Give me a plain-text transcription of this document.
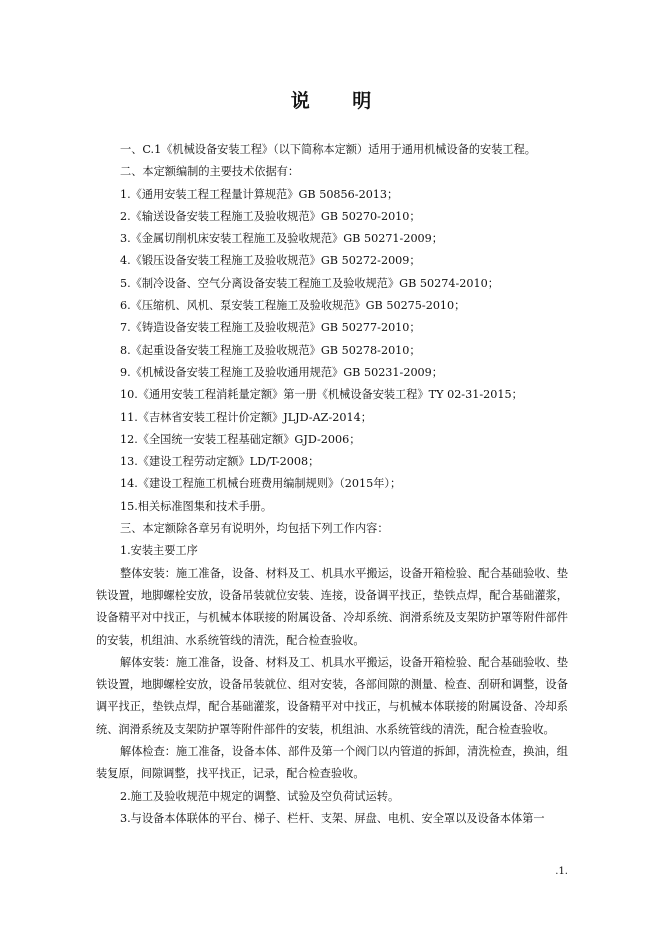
说 明

一、C.1《机械设备安装工程》（以下简称本定额）适用于通用机械设备的安装工程。

二、本定额编制的主要技术依据有：

1.《通用安装工程工程量计算规范》GB 50856-2013；

2.《输送设备安装工程施工及验收规范》GB 50270-2010；

3.《金属切削机床安装工程施工及验收规范》GB 50271-2009；

4.《锻压设备安装工程施工及验收规范》GB 50272-2009；

5.《制冷设备、空气分离设备安装工程施工及验收规范》GB 50274-2010；

6.《压缩机、风机、泵安装工程施工及验收规范》GB 50275-2010；

7.《铸造设备安装工程施工及验收规范》GB 50277-2010；

8.《起重设备安装工程施工及验收规范》GB 50278-2010；

9.《机械设备安装工程施工及验收通用规范》GB 50231-2009；

10.《通用安装工程消耗量定额》第一册《机械设备安装工程》TY 02-31-2015；

11.《吉林省安装工程计价定额》JLJD-AZ-2014；

12.《全国统一安装工程基础定额》GJD-2006；

13.《建设工程劳动定额》LD/T-2008；

14.《建设工程施工机械台班费用编制规则》（2015年）；

15.相关标准图集和技术手册。

三、本定额除各章另有说明外，均包括下列工作内容：

1.安装主要工序

整体安装：施工准备，设备、材料及工、机具水平搬运，设备开箱检验、配合基础验收、垫铁设置，地脚螺栓安放，设备吊装就位安装、连接，设备调平找正，垫铁点焊，配合基础灌浆，设备精平对中找正，与机械本体联接的附属设备、冷却系统、润滑系统及支架防护罩等附件部件的安装，机组油、水系统管线的清洗，配合检查验收。

解体安装：施工准备，设备、材料及工、机具水平搬运，设备开箱检验、配合基础验收、垫铁设置，地脚螺栓安放，设备吊装就位、组对安装，各部间隙的测量、检查、刮研和调整，设备调平找正，垫铁点焊，配合基础灌浆，设备精平对中找正，与机械本体联接的附属设备、冷却系统、润滑系统及支架防护罩等附件部件的安装，机组油、水系统管线的清洗，配合检查验收。

解体检查：施工准备，设备本体、部件及第一个阀门以内管道的拆卸，清洗检查，换油，组装复原，间隙调整，找平找正，记录，配合检查验收。

2.施工及验收规范中规定的调整、试验及空负荷试运转。

3.与设备本体联体的平台、梯子、栏杆、支架、屏盘、电机、安全罩以及设备本体第一

.1.
